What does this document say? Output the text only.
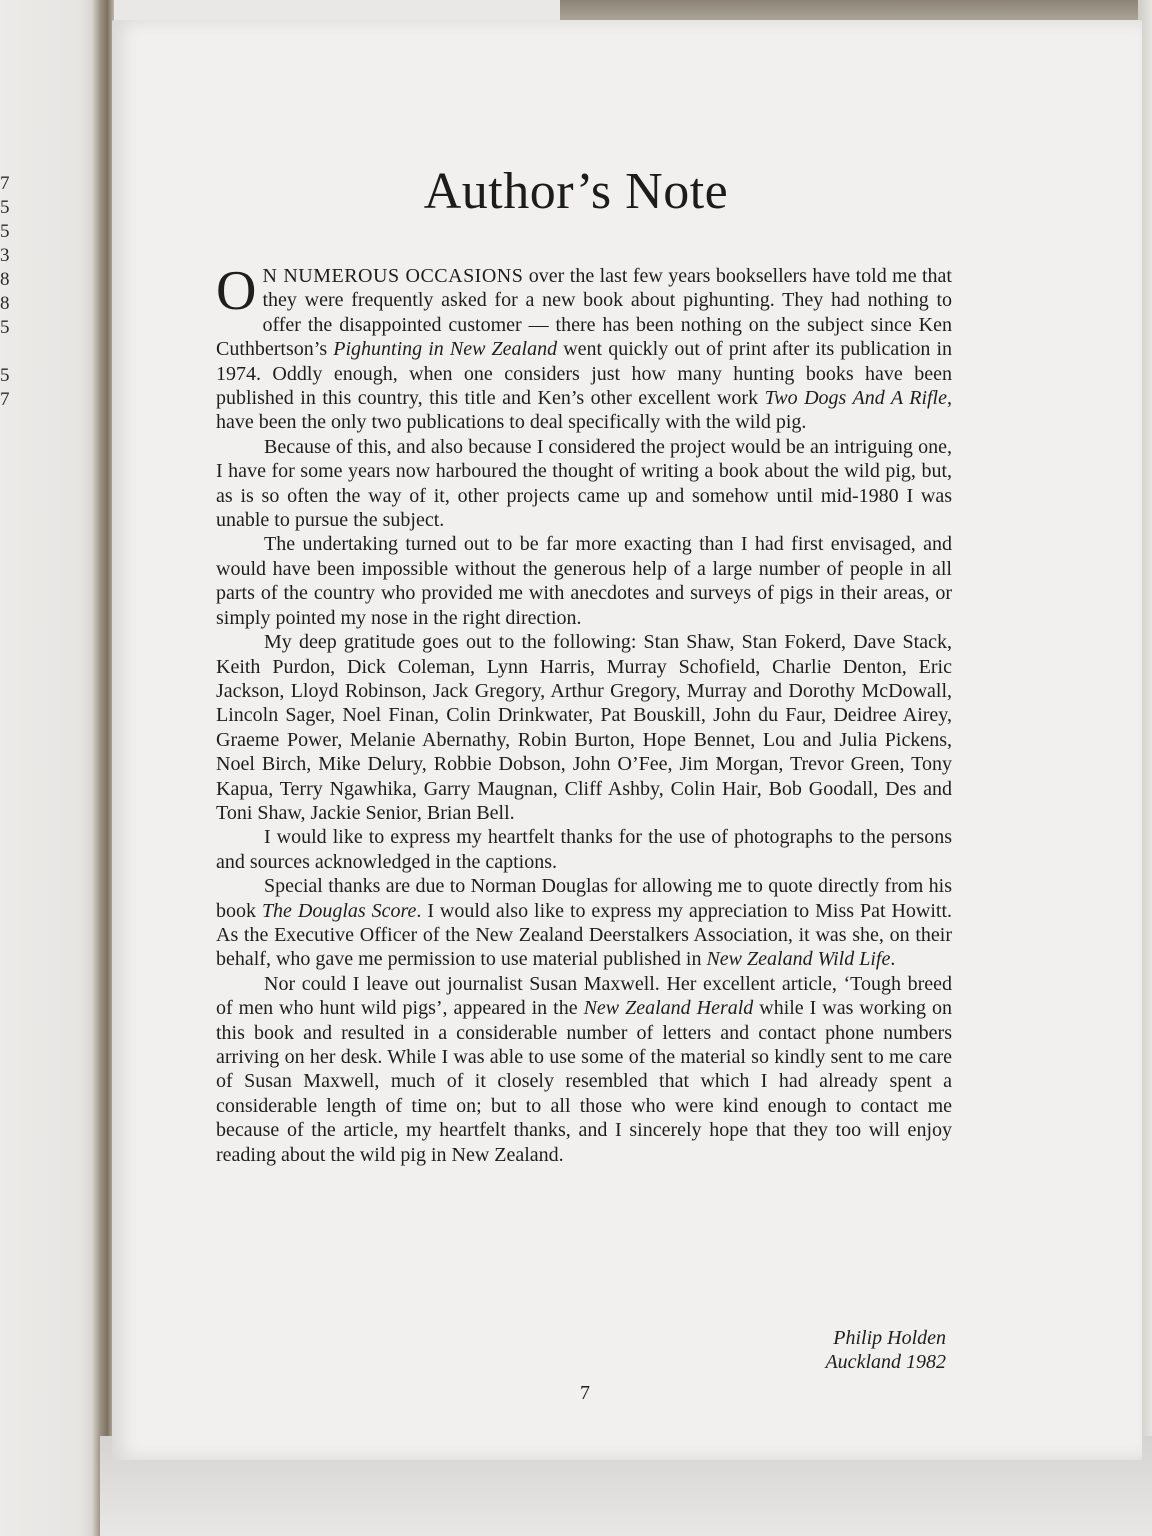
7
5
5
3
8
8
5
5
7
Author’s Note

O N NUMEROUS OCCASIONS over the last few years booksellers have told me that they were frequently asked for a new book about pighunting. They had nothing to offer the disappointed customer — there has been nothing on the subject since Ken Cuthbertson’s Pighunting in New Zealand went quickly out of print after its publication in 1974. Oddly enough, when one considers just how many hunting books have been published in this country, this title and Ken’s other excellent work Two Dogs And A Rifle, have been the only two publications to deal specifically with the wild pig.

Because of this, and also because I considered the project would be an intriguing one, I have for some years now harboured the thought of writing a book about the wild pig, but, as is so often the way of it, other projects came up and somehow until mid-1980 I was unable to pursue the subject.

The undertaking turned out to be far more exacting than I had first envisaged, and would have been impossible without the generous help of a large number of people in all parts of the country who provided me with anecdotes and surveys of pigs in their areas, or simply pointed my nose in the right direction.

My deep gratitude goes out to the following: Stan Shaw, Stan Fokerd, Dave Stack, Keith Purdon, Dick Coleman, Lynn Harris, Murray Schofield, Charlie Denton, Eric Jackson, Lloyd Robinson, Jack Gregory, Arthur Gregory, Murray and Dorothy McDowall, Lincoln Sager, Noel Finan, Colin Drinkwater, Pat Bouskill, John du Faur, Deidree Airey, Graeme Power, Melanie Abernathy, Robin Burton, Hope Bennet, Lou and Julia Pickens, Noel Birch, Mike Delury, Robbie Dobson, John O’Fee, Jim Morgan, Trevor Green, Tony Kapua, Terry Ngawhika, Garry Maugnan, Cliff Ashby, Colin Hair, Bob Goodall, Des and Toni Shaw, Jackie Senior, Brian Bell.

I would like to express my heartfelt thanks for the use of photographs to the persons and sources acknowledged in the captions.

Special thanks are due to Norman Douglas for allowing me to quote directly from his book The Douglas Score. I would also like to express my appreciation to Miss Pat Howitt. As the Executive Officer of the New Zealand Deerstalkers Association, it was she, on their behalf, who gave me permission to use material published in New Zealand Wild Life.

Nor could I leave out journalist Susan Maxwell. Her excellent article, ‘Tough breed of men who hunt wild pigs’, appeared in the New Zealand Herald while I was working on this book and resulted in a considerable number of letters and contact phone numbers arriving on her desk. While I was able to use some of the material so kindly sent to me care of Susan Maxwell, much of it closely resembled that which I had already spent a considerable length of time on; but to all those who were kind enough to contact me because of the article, my heartfelt thanks, and I sincerely hope that they too will enjoy reading about the wild pig in New Zealand.

Philip Holden
Auckland 1982
7
